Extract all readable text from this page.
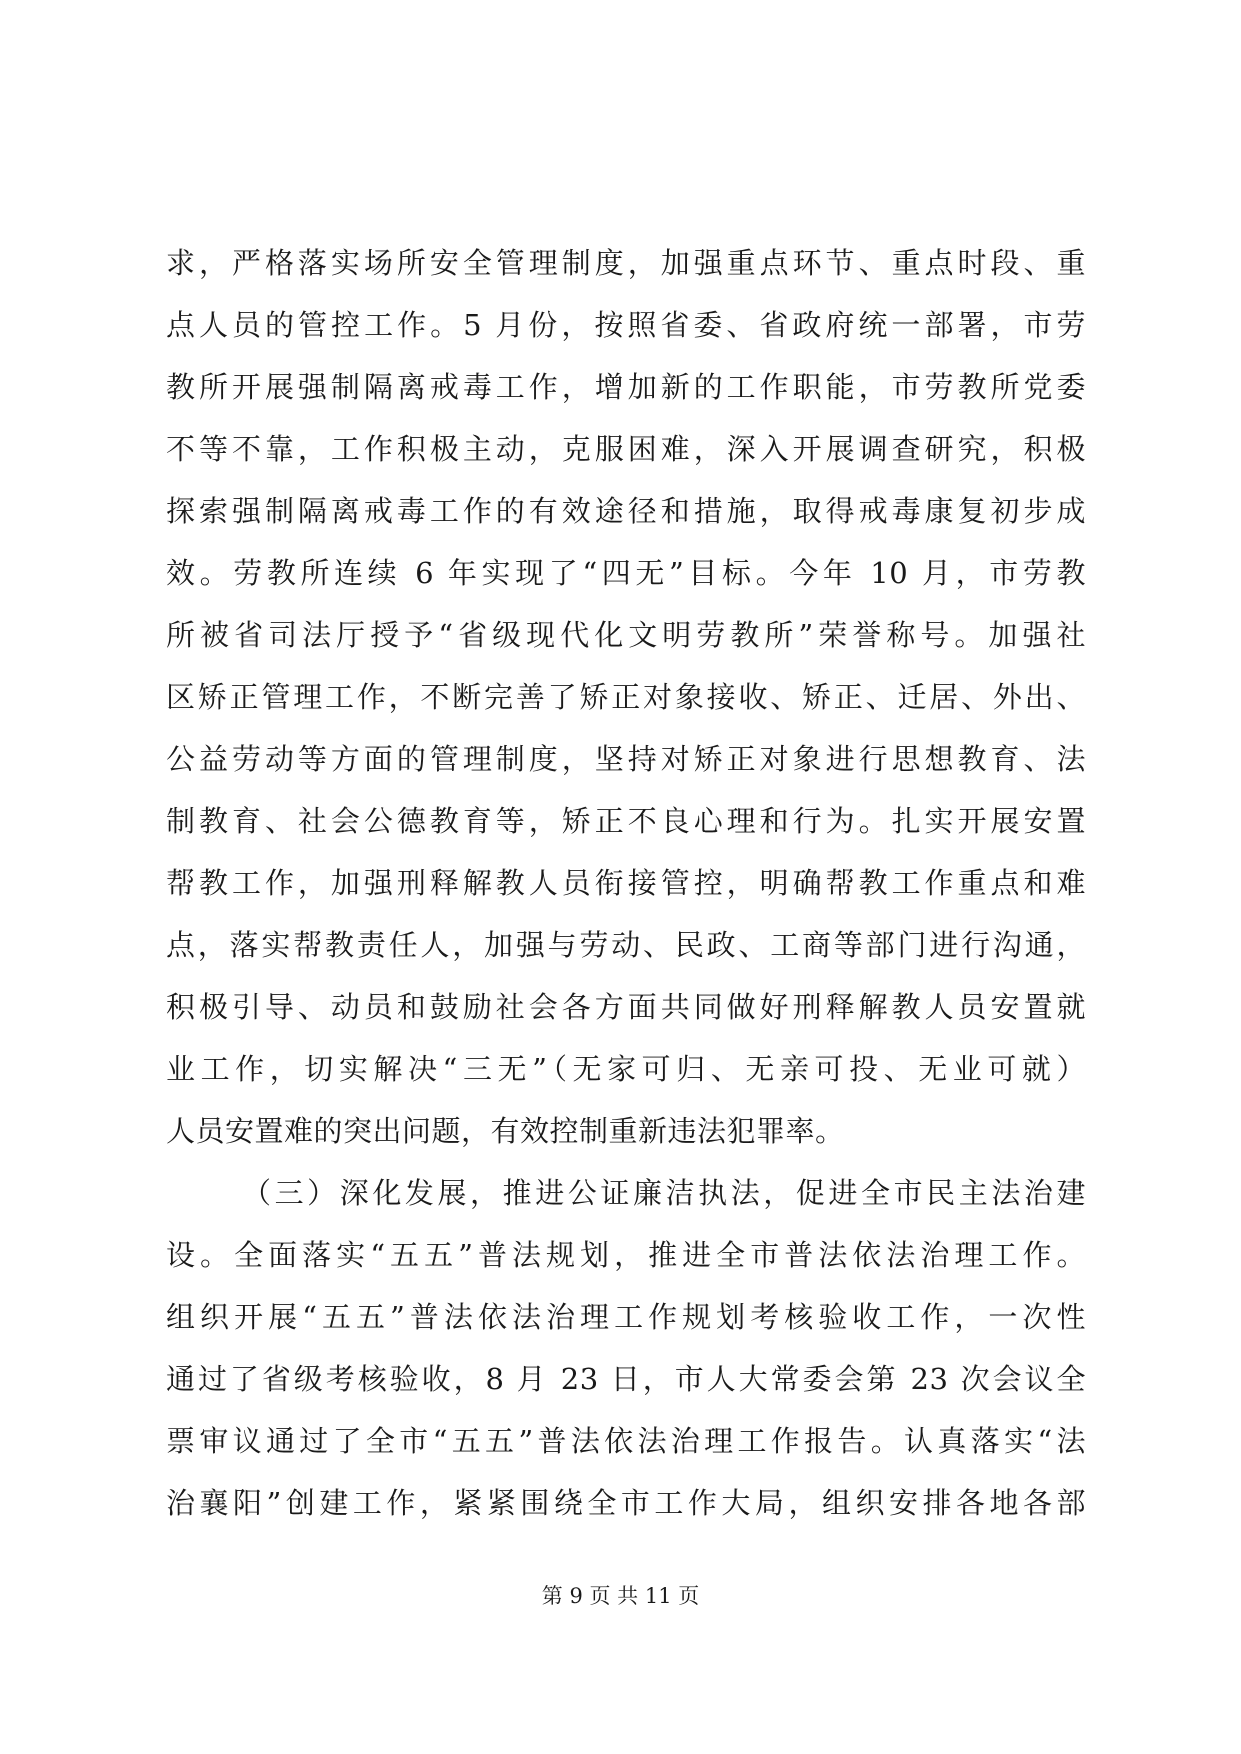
求，严格落实场所安全管理制度，加强重点环节、重点时段、重
点人员的管控工作。5 月份，按照省委、省政府统一部署，市劳
教所开展强制隔离戒毒工作，增加新的工作职能，市劳教所党委
不等不靠，工作积极主动，克服困难，深入开展调查研究，积极
探索强制隔离戒毒工作的有效途径和措施，取得戒毒康复初步成
效。劳教所连续 6 年实现了“四无”目标。今年 10 月，市劳教
所被省司法厅授予“省级现代化文明劳教所”荣誉称号。加强社
区矫正管理工作，不断完善了矫正对象接收、矫正、迁居、外出、
公益劳动等方面的管理制度，坚持对矫正对象进行思想教育、法
制教育、社会公德教育等，矫正不良心理和行为。扎实开展安置
帮教工作，加强刑释解教人员衔接管控，明确帮教工作重点和难
点，落实帮教责任人，加强与劳动、民政、工商等部门进行沟通，
积极引导、动员和鼓励社会各方面共同做好刑释解教人员安置就
业工作，切实解决“三无”（无家可归、无亲可投、无业可就）
人员安置难的突出问题，有效控制重新违法犯罪率。
（三）深化发展，推进公证廉洁执法，促进全市民主法治建
设。全面落实“五五”普法规划，推进全市普法依法治理工作。
组织开展“五五”普法依法治理工作规划考核验收工作，一次性
通过了省级考核验收，8 月 23 日，市人大常委会第 23 次会议全
票审议通过了全市“五五”普法依法治理工作报告。认真落实“法
治襄阳”创建工作，紧紧围绕全市工作大局，组织安排各地各部
第 9 页 共 11 页
